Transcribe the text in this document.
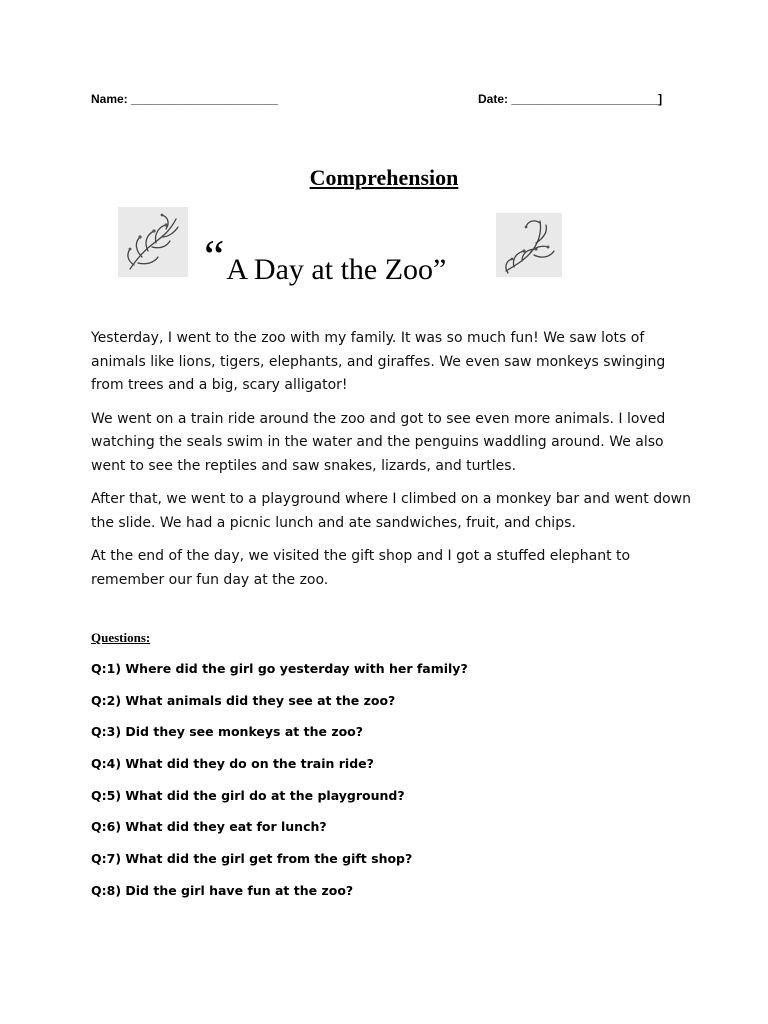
Name: ______________________	Date: ______________________]
Comprehension
“A Day at the Zoo”

Yesterday, I went to the zoo with my family. It was so much fun! We saw lots of animals like lions, tigers, elephants, and giraffes. We even saw monkeys swinging from trees and a big, scary alligator!

We went on a train ride around the zoo and got to see even more animals. I loved watching the seals swim in the water and the penguins waddling around. We also went to see the reptiles and saw snakes, lizards, and turtles.

After that, we went to a playground where I climbed on a monkey bar and went down the slide. We had a picnic lunch and ate sandwiches, fruit, and chips.

At the end of the day, we visited the gift shop and I got a stuffed elephant to remember our fun day at the zoo.

Questions:
Q:1) Where did the girl go yesterday with her family?
Q:2) What animals did they see at the zoo?
Q:3) Did they see monkeys at the zoo?
Q:4) What did they do on the train ride?
Q:5) What did the girl do at the playground?
Q:6) What did they eat for lunch?
Q:7) What did the girl get from the gift shop?
Q:8) Did the girl have fun at the zoo?
